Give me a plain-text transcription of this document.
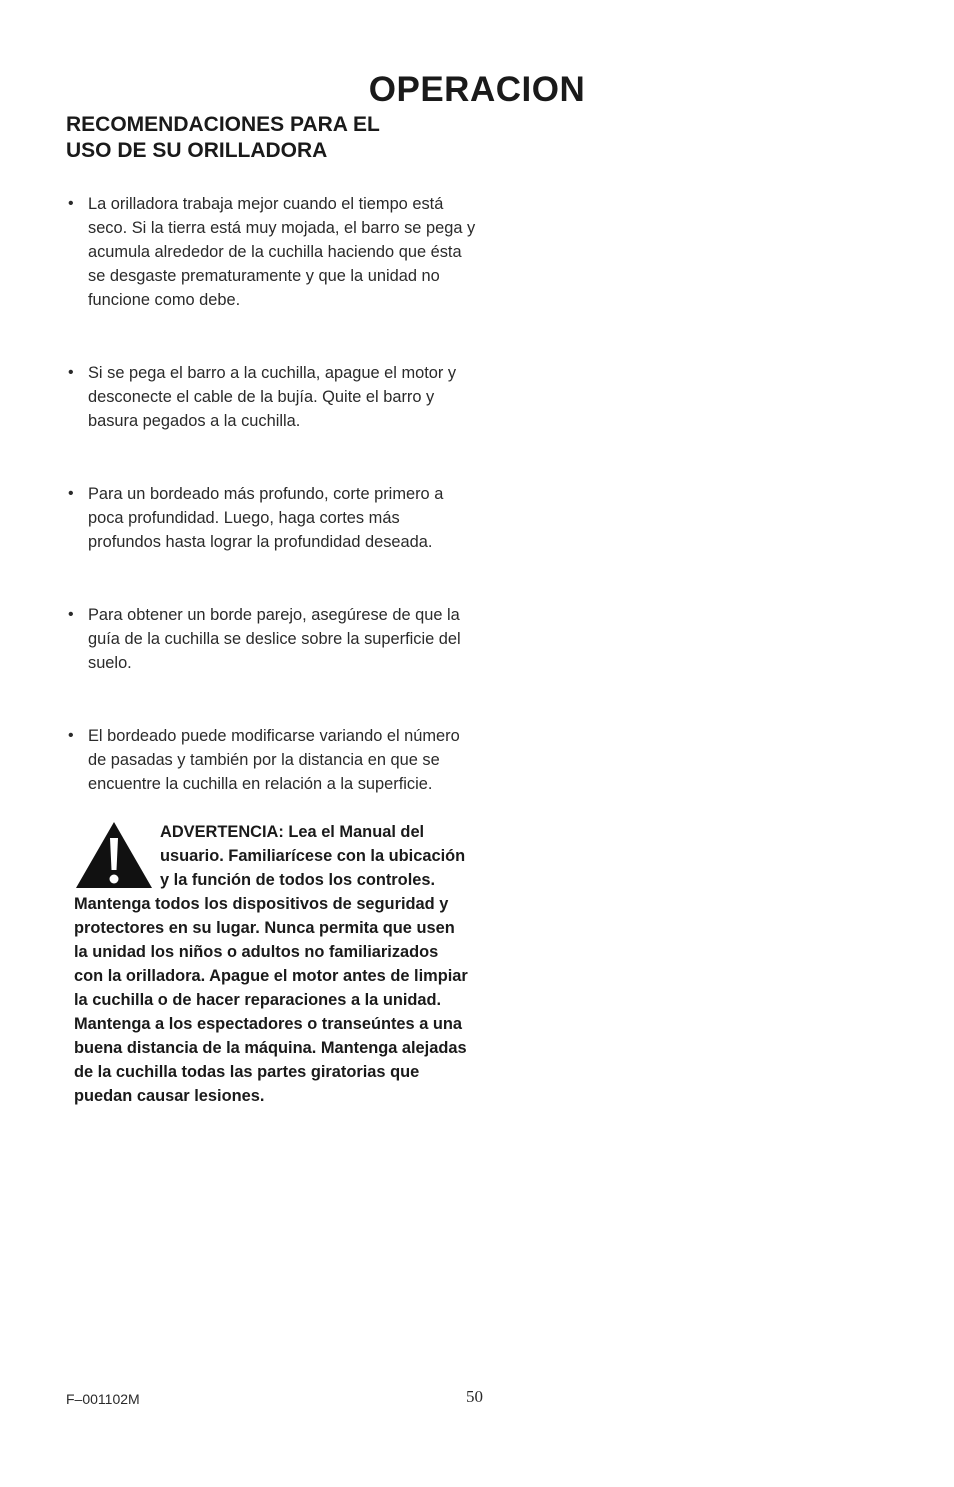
OPERACION
RECOMENDACIONES PARA EL
USO DE SU ORILLADORA
• La orilladora trabaja mejor cuando el tiempo está seco. Si la tierra está muy mojada, el barro se pega y acumula alrededor de la cuchilla haciendo que ésta se desgaste prematuramente y que la unidad no funcione como debe.
• Si se pega el barro a la cuchilla, apague el motor y desconecte el cable de la bujía. Quite el barro y basura pegados a la cuchilla.
• Para un bordeado más profundo, corte primero a poca profundidad. Luego, haga cortes más profundos hasta lograr la profundidad deseada.
• Para obtener un borde parejo, asegúrese de que la guía de la cuchilla se deslice sobre la superficie del suelo.
• El bordeado puede modificarse variando el número de pasadas y también por la distancia en que se encuentre la cuchilla en relación a la superficie.
ADVERTENCIA: Lea el Manual del usuario. Familiarícese con la ubicación y la función de todos los controles. Mantenga todos los dispositivos de seguridad y protectores en su lugar. Nunca permita que usen la unidad los niños o adultos no familiarizados con la orilladora. Apague el motor antes de limpiar la cuchilla o de hacer reparaciones a la unidad. Mantenga a los espectadores o transeúntes a una buena distancia de la máquina. Mantenga alejadas de la cuchilla todas las partes giratorias que puedan causar lesiones.
F–001102M	50
